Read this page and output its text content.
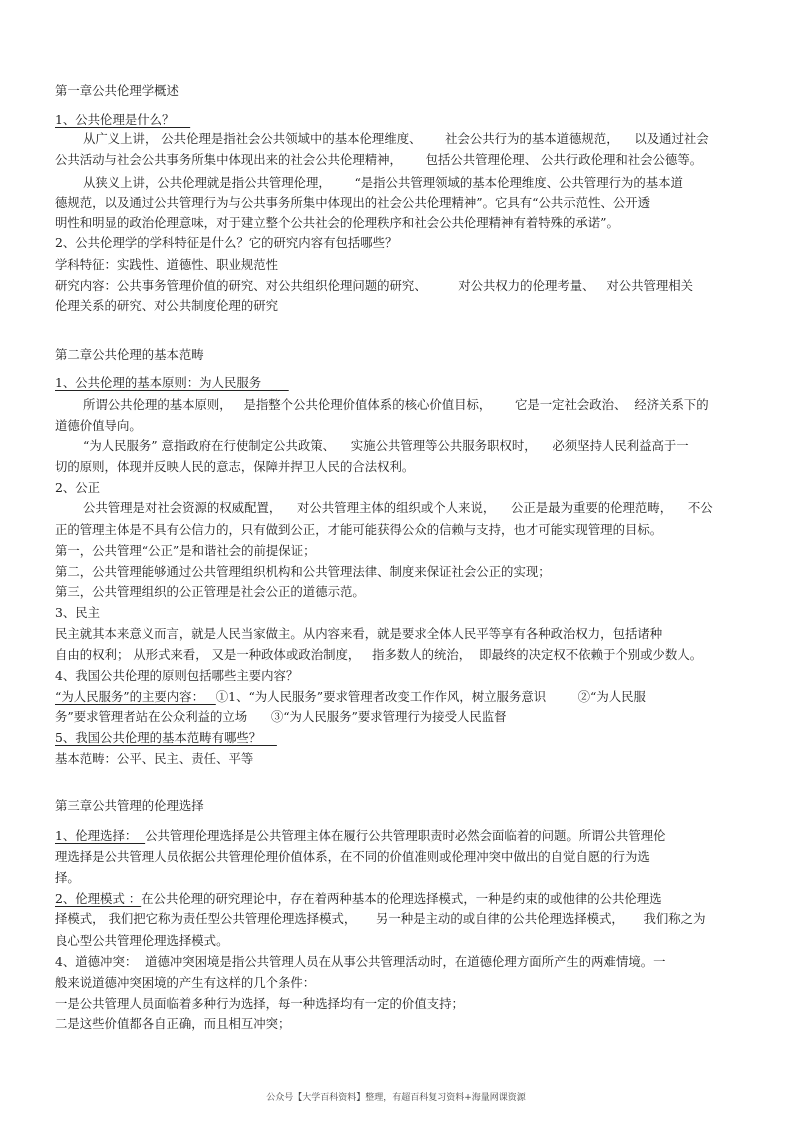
第一章公共伦理学概述
1、公共伦理是什么？
从广义上讲， 公共伦理是指社会公共领域中的基本伦理维度、      社会公共行为的基本道德规范，    以及通过社会
公共活动与社会公共事务所集中体现出来的社会公共伦理精神，      包括公共管理伦理、 公共行政伦理和社会公德等。
从狭义上讲，公共伦理就是指公共管理伦理，      “是指公共管理领域的基本伦理维度、公共管理行为的基本道
德规范，以及通过公共管理行为与公共事务所集中体现出的社会公共伦理精神”。它具有“公共示范性、公开透
明性和明显的政治伦理意味，对于建立整个公共社会的伦理秩序和社会公共伦理精神有着特殊的承诺”。
2、公共伦理学的学科特征是什么？它的研究内容有包括哪些？
学科特征：实践性、道德性、职业规范性
研究内容：公共事务管理价值的研究、对公共组织伦理问题的研究、        对公共权力的伦理考量、   对公共管理相关
伦理关系的研究、对公共制度伦理的研究
第二章公共伦理的基本范畴
1、公共伦理的基本原则：为人民服务
所谓公共伦理的基本原则，   是指整个公共伦理价值体系的核心价值目标，      它是一定社会政治、  经济关系下的
道德价值导向。
“为人民服务” 意指政府在行使制定公共政策、    实施公共管理等公共服务职权时，    必须坚持人民利益高于一
切的原则，体现并反映人民的意志，保障并捍卫人民的合法权利。
2、公正
公共管理是对社会资源的权威配置，    对公共管理主体的组织或个人来说，    公正是最为重要的伦理范畴，    不公
正的管理主体是不具有公信力的，只有做到公正，才能可能获得公众的信赖与支持，也才可能实现管理的目标。
第一，公共管理“公正”是和谐社会的前提保证；
第二，公共管理能够通过公共管理组织机构和公共管理法律、制度来保证社会公正的实现；
第三，公共管理组织的公正管理是社会公正的道德示范。
3、民主
民主就其本来意义而言，就是人民当家做主。从内容来看，就是要求全体人民平等享有各种政治权力，包括诸种
自由的权利； 从形式来看， 又是一种政体或政治制度，   指多数人的统治，  即最终的决定权不依赖于个别或少数人。
4、我国公共伦理的原则包括哪些主要内容？
“为人民服务”的主要内容：   ①1、“为人民服务”要求管理者改变工作作风，树立服务意识        ②“为人民服
务”要求管理者站在公众利益的立场      ③“为人民服务”要求管理行为接受人民监督
5、我国公共伦理的基本范畴有哪些？
基本范畴：公平、民主、责任、平等
第三章公共管理的伦理选择
1、伦理选择：  公共管理伦理选择是公共管理主体在履行公共管理职责时必然会面临着的问题。所谓公共管理伦
理选择是公共管理人员依据公共管理伦理价值体系，在不同的价值准则或伦理冲突中做出的自觉自愿的行为选
择。
2、伦理模式 ：在公共伦理的研究理论中，存在着两种基本的伦理选择模式，一种是约束的或他律的公共伦理选
择模式， 我们把它称为责任型公共管理伦理选择模式，     另一种是主动的或自律的公共伦理选择模式，     我们称之为
良心型公共管理伦理选择模式。
4、道德冲突：  道德冲突困境是指公共管理人员在从事公共管理活动时，在道德伦理方面所产生的两难情境。一
般来说道德冲突困境的产生有这样的几个条件：
一是公共管理人员面临着多种行为选择，每一种选择均有一定的价值支持；
二是这些价值都各自正确，而且相互冲突；
公众号【大学百科资料】整理，有超百科复习资料+海量网课资源
